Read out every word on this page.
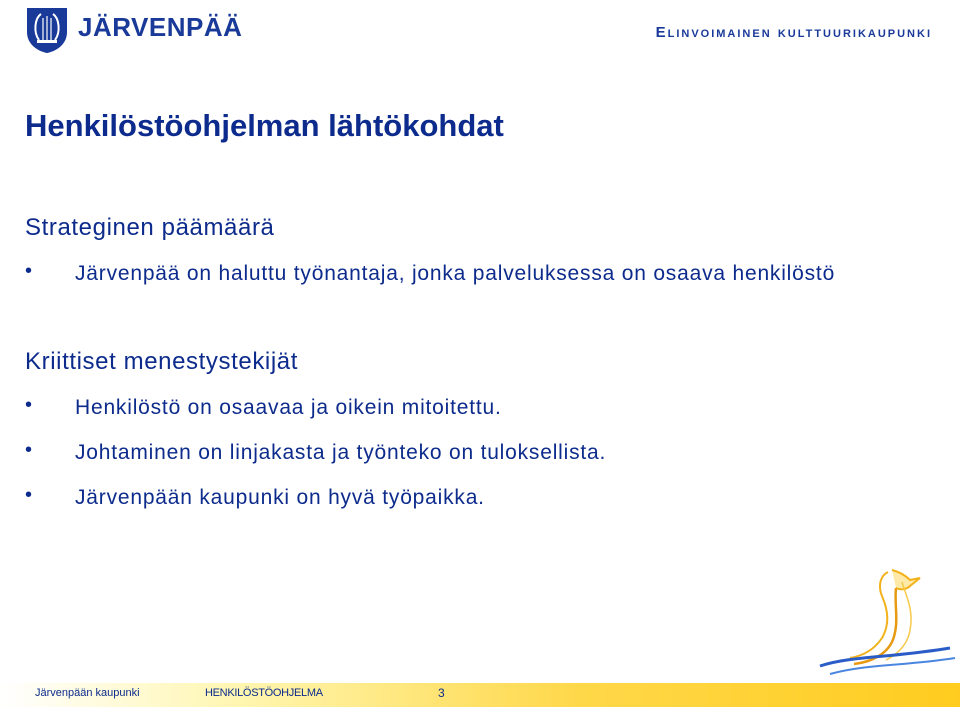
JÄRVENPÄÄ	Elinvoimainen kulttuurikaupunki
Henkilöstöohjelman lähtökohdat
Strateginen päämäärä
• Järvenpää on haluttu työnantaja, jonka palveluksessa on osaava henkilöstö
Kriittiset menestystekijät
• Henkilöstö on osaavaa ja oikein mitoitettu.
• Johtaminen on linjakasta ja työnteko on tuloksellista.
• Järvenpään kaupunki on hyvä työpaikka.
Järvenpään kaupunki	HENKILÖSTÖOHJELMA	3
